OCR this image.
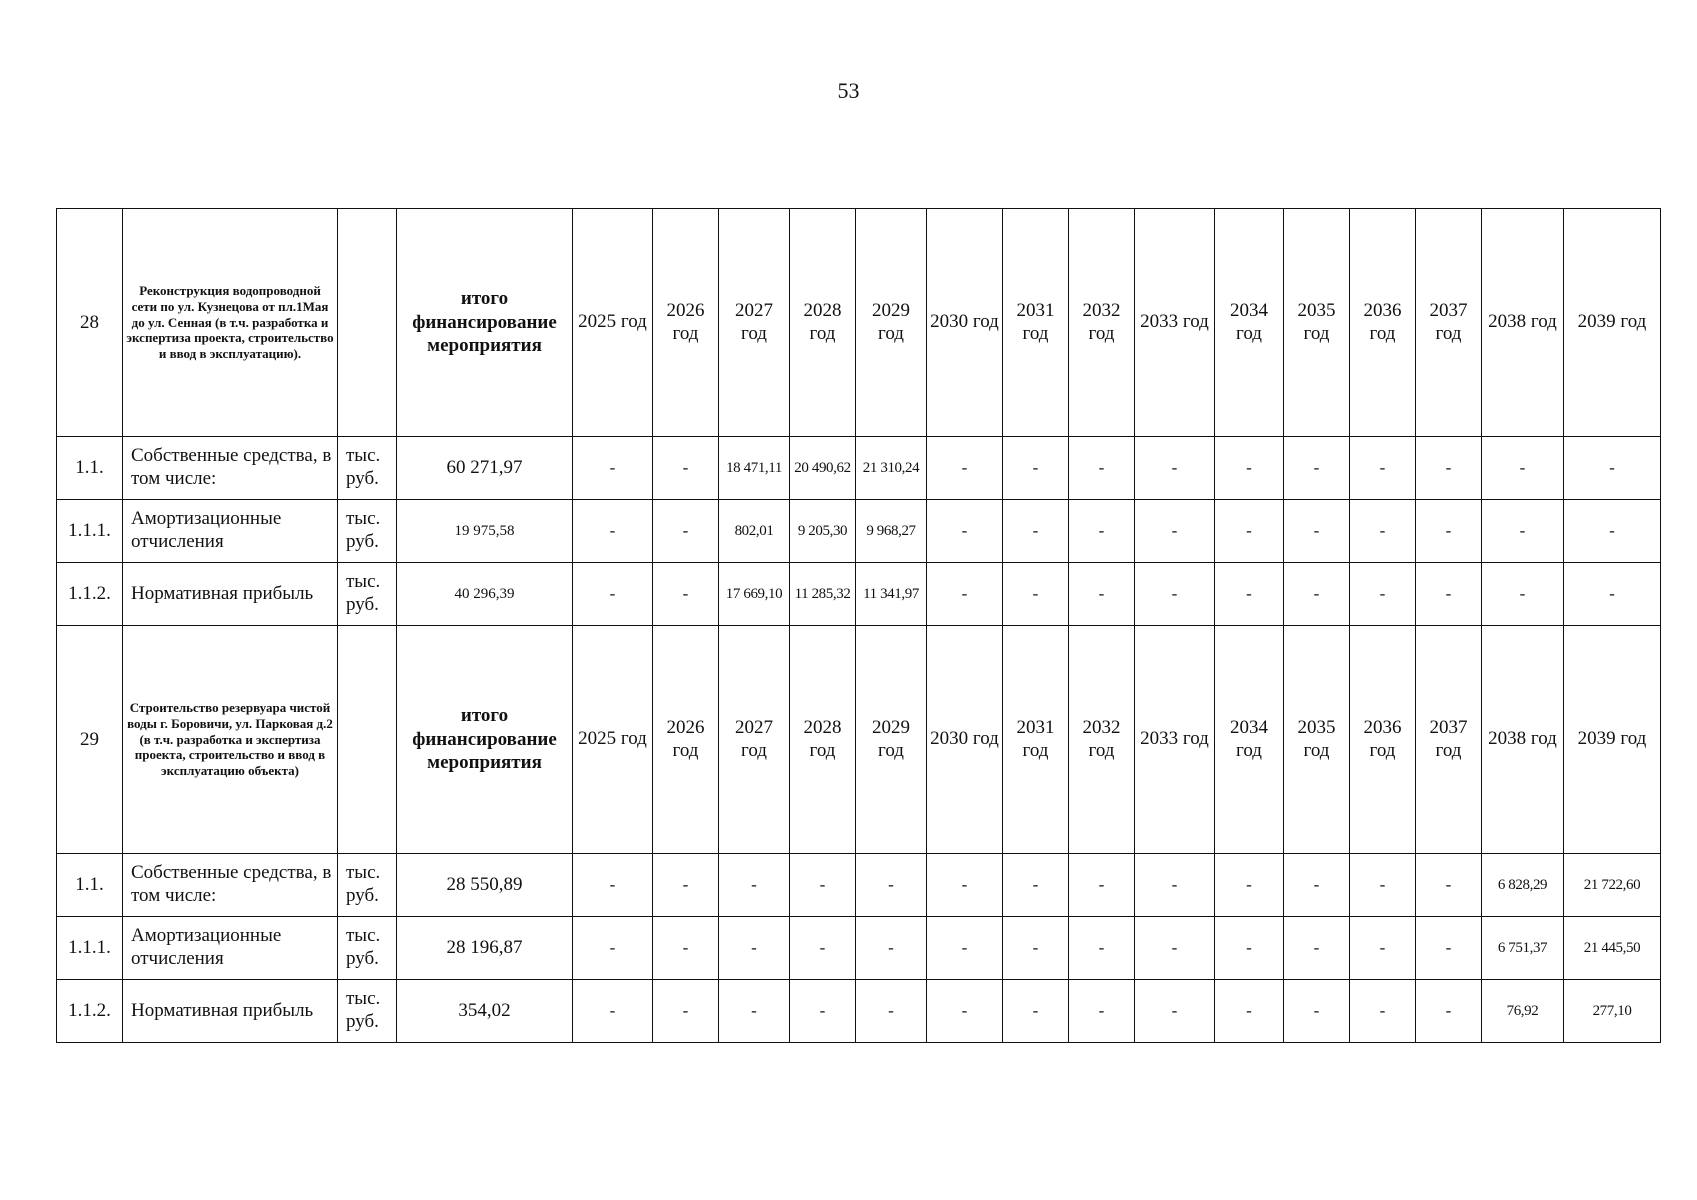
53
28	Реконструкция водопроводной сети по ул. Кузнецова от пл.1Мая до ул. Сенная (в т.ч. разработка и экспертиза проекта, строительство и ввод в эксплуатацию).		итого финансирование мероприятия	2025 год	2026 год	2027 год	2028 год	2029 год	2030 год	2031 год	2032 год	2033 год	2034 год	2035 год	2036 год	2037 год	2038 год	2039 год
1.1.	Собственные средства, в том числе:	тыс. руб.	60 271,97	-	-	18 471,11	20 490,62	21 310,24	-	-	-	-	-	-	-	-	-	-
1.1.1.	Амортизационные отчисления	тыс. руб.	19 975,58	-	-	802,01	9 205,30	9 968,27	-	-	-	-	-	-	-	-	-	-
1.1.2.	Нормативная прибыль	тыс. руб.	40 296,39	-	-	17 669,10	11 285,32	11 341,97	-	-	-	-	-	-	-	-	-	-
29	Строительство резервуара чистой воды г. Боровичи, ул. Парковая д.2 (в т.ч. разработка и экспертиза проекта, строительство и ввод в эксплуатацию объекта)		итого финансирование мероприятия	2025 год	2026 год	2027 год	2028 год	2029 год	2030 год	2031 год	2032 год	2033 год	2034 год	2035 год	2036 год	2037 год	2038 год	2039 год
1.1.	Собственные средства, в том числе:	тыс. руб.	28 550,89	-	-	-	-	-	-	-	-	-	-	-	-	-	6 828,29	21 722,60
1.1.1.	Амортизационные отчисления	тыс. руб.	28 196,87	-	-	-	-	-	-	-	-	-	-	-	-	-	6 751,37	21 445,50
1.1.2.	Нормативная прибыль	тыс. руб.	354,02	-	-	-	-	-	-	-	-	-	-	-	-	-	76,92	277,10
